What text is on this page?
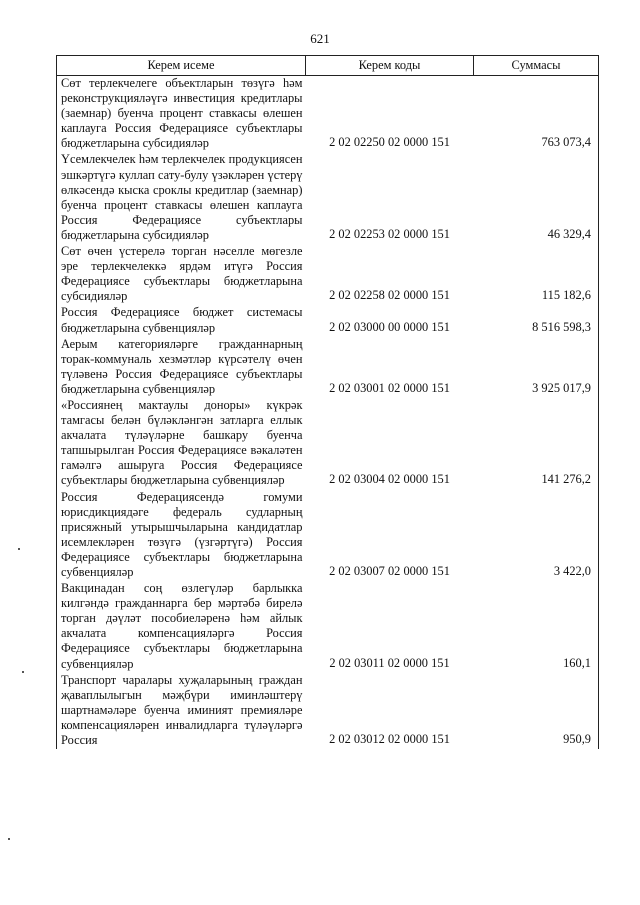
621
Керем исеме	Керем коды	Суммасы
Сөт терлекчелеге объектларын төзүгә һәм реконструкцияләүгә инвестиция кредитлары (заемнар) буенча процент ставкасы өлешен каплауга Россия Федерациясе субъектлары бюджетларына субсидияләр	2 02 02250 02 0000 151	763 073,4
Үсемлекчелек һәм терлекчелек продукциясен эшкәртүгә куллап сату-булу үзәкләрен үстерү өлкәсендә кыска сроклы кредитлар (заемнар) буенча процент ставкасы өлешен каплауга Россия Федерациясе субъектлары бюджетларына субсидияләр	2 02 02253 02 0000 151	46 329,4
Сөт өчен үстерелә торган нәселле мөгезле эре терлекчелеккә ярдәм итүгә Россия Федерациясе субъектлары бюджетларына субсидияләр	2 02 02258 02 0000 151	115 182,6
Россия Федерациясе бюджет системасы бюджетларына субвенцияләр	2 02 03000 00 0000 151	8 516 598,3
Аерым категорияләрге гражданнарның торак-коммуналь хезмәтләр күрсәтелү өчен түләвенә Россия Федерациясе субъектлары бюджетларына субвенцияләр	2 02 03001 02 0000 151	3 925 017,9
«Россиянең мактаулы доноры» күкрәк тамгасы белән бүләкләнгән затларга еллык акчалата түләүләрне башкару буенча тапшырылган Россия Федерациясе вәкаләтен гамәлгә ашыруга Россия Федерациясе субъектлары бюджетларына субвенцияләр	2 02 03004 02 0000 151	141 276,2
Россия Федерациясендә гомуми юрисдикциядәге федераль судларның присяжный утырышчыларына кандидатлар исемлекләрен төзүгә (үзгәртүгә) Россия Федерациясе субъектлары бюджетларына субвенцияләр	2 02 03007 02 0000 151	3 422,0
Вакцинадан соң өзлегүләр барлыкка килгәндә гражданнарга бер мәртәбә бирелә торган дәүләт пособиеләренә һәм айлык акчалата компенсацияләргә Россия Федерациясе субъектлары бюджетларына субвенцияләр	2 02 03011 02 0000 151	160,1
Транспорт чаралары хуҗаларының граждан җаваплылыгын мәҗбүри иминләштерү шартнамәләре буенча иминият премияләре компенсацияләрен инвалидларга түләүләргә Россия	2 02 03012 02 0000 151	950,9
